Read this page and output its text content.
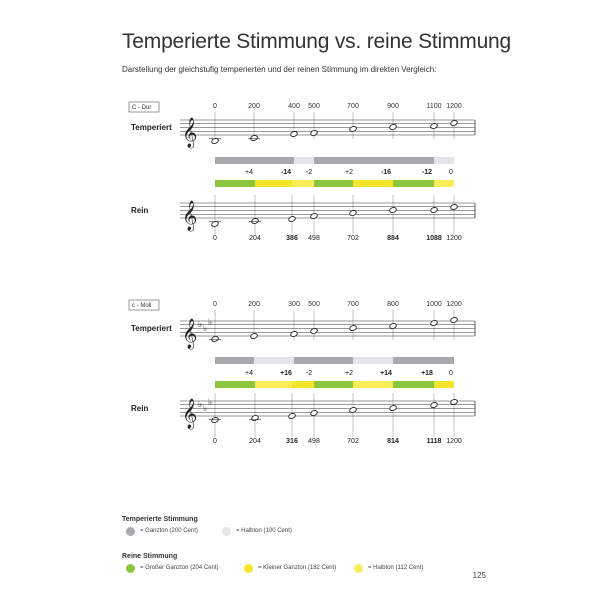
Temperierte Stimmung vs. reine Stimmung
Darstellung der gleichstufig temperierten und der reinen Stimmung im direkten Vergleich:
C - Dur
Temperiert
Rein
0	200	400 500	700	900	1100 1200
𝄞
𝄞
+4	-14 -2	+2	-16	-12 0
0	204	386 498	702	884	1088 1200
c - Moll
Temperiert
Rein
0	200	300 500	700	800	1000 1200
𝄞 ♭ ♭
♭
𝄞 ♭ ♭
♭
+4	+16 -2	+2	+14	+18 0
0	204	316 498	702	814	1118 1200
Temperierte Stimmung
= Ganzton (200 Cent)	= Halbton (100 Cent)
Reine Stimmung
= Großer Ganzton (204 Cent)	= Kleiner Ganzton (182 Cent)	= Halbton (112 Cent)
125
